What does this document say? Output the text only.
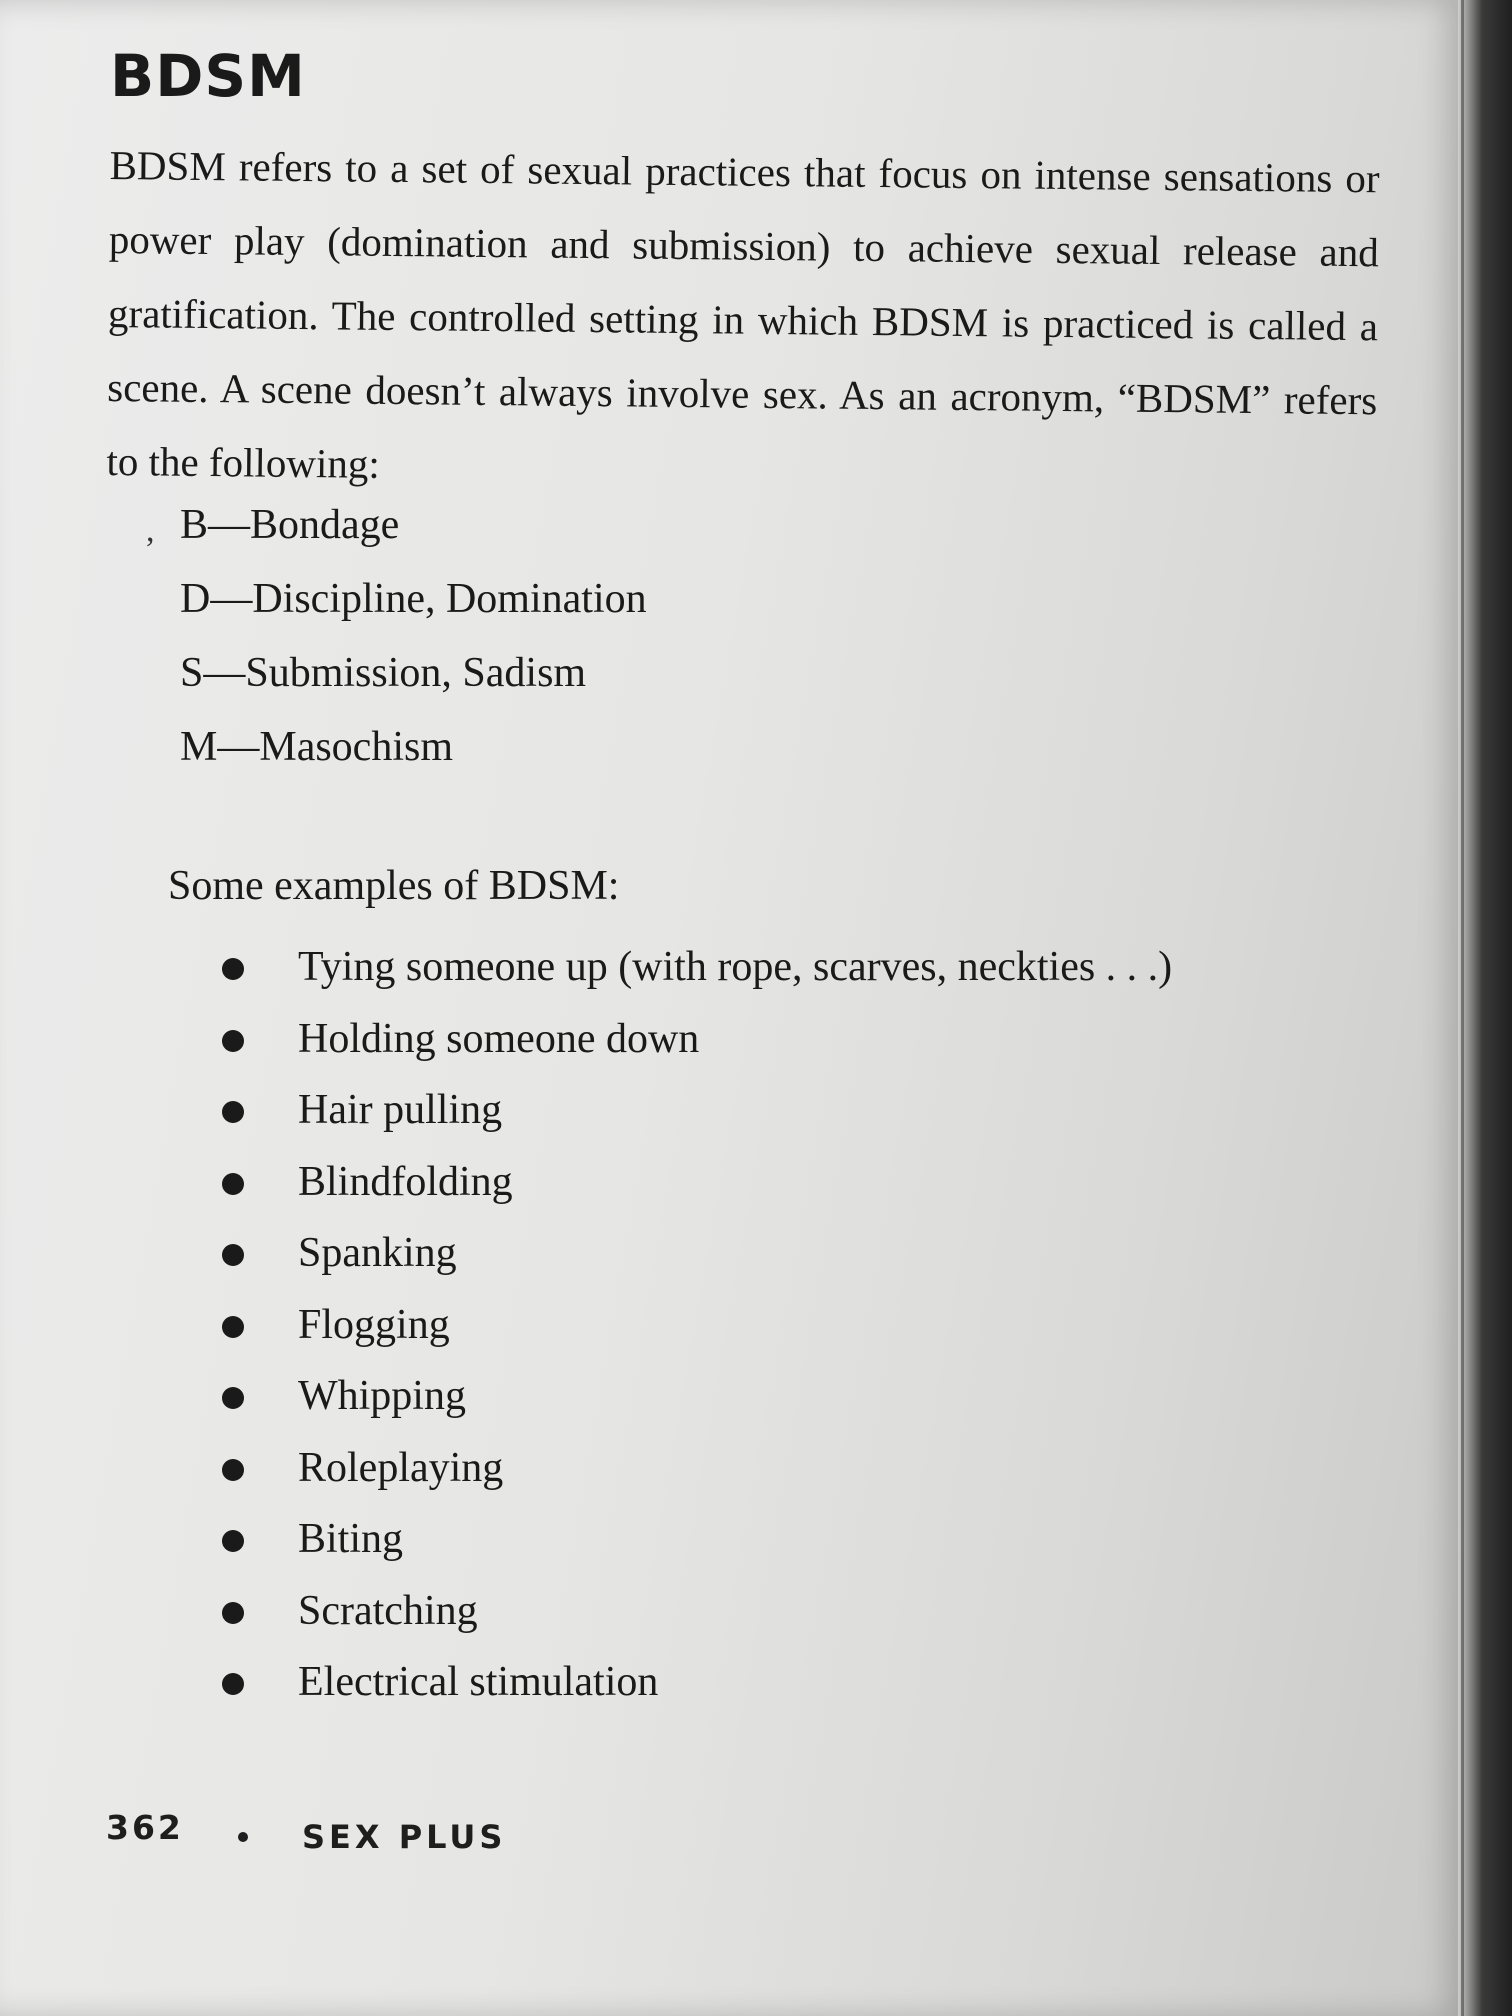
BDSM

BDSM refers to a set of sexual practices that focus on intense sensations or power play (domination and submission) to achieve sexual release and gratification. The controlled setting in which BDSM is practiced is called a scene. A scene doesn’t always involve sex. As an acronym, “BDSM” refers to the following:

, B—Bondage
D—Discipline, Domination
S—Submission, Sadism
M—Masochism

Some examples of BDSM:

Tying someone up (with rope, scarves, neckties . . .)
Holding someone down
Hair pulling
Blindfolding
Spanking
Flogging
Whipping
Roleplaying
Biting
Scratching
Electrical stimulation
362	SEX PLUS
